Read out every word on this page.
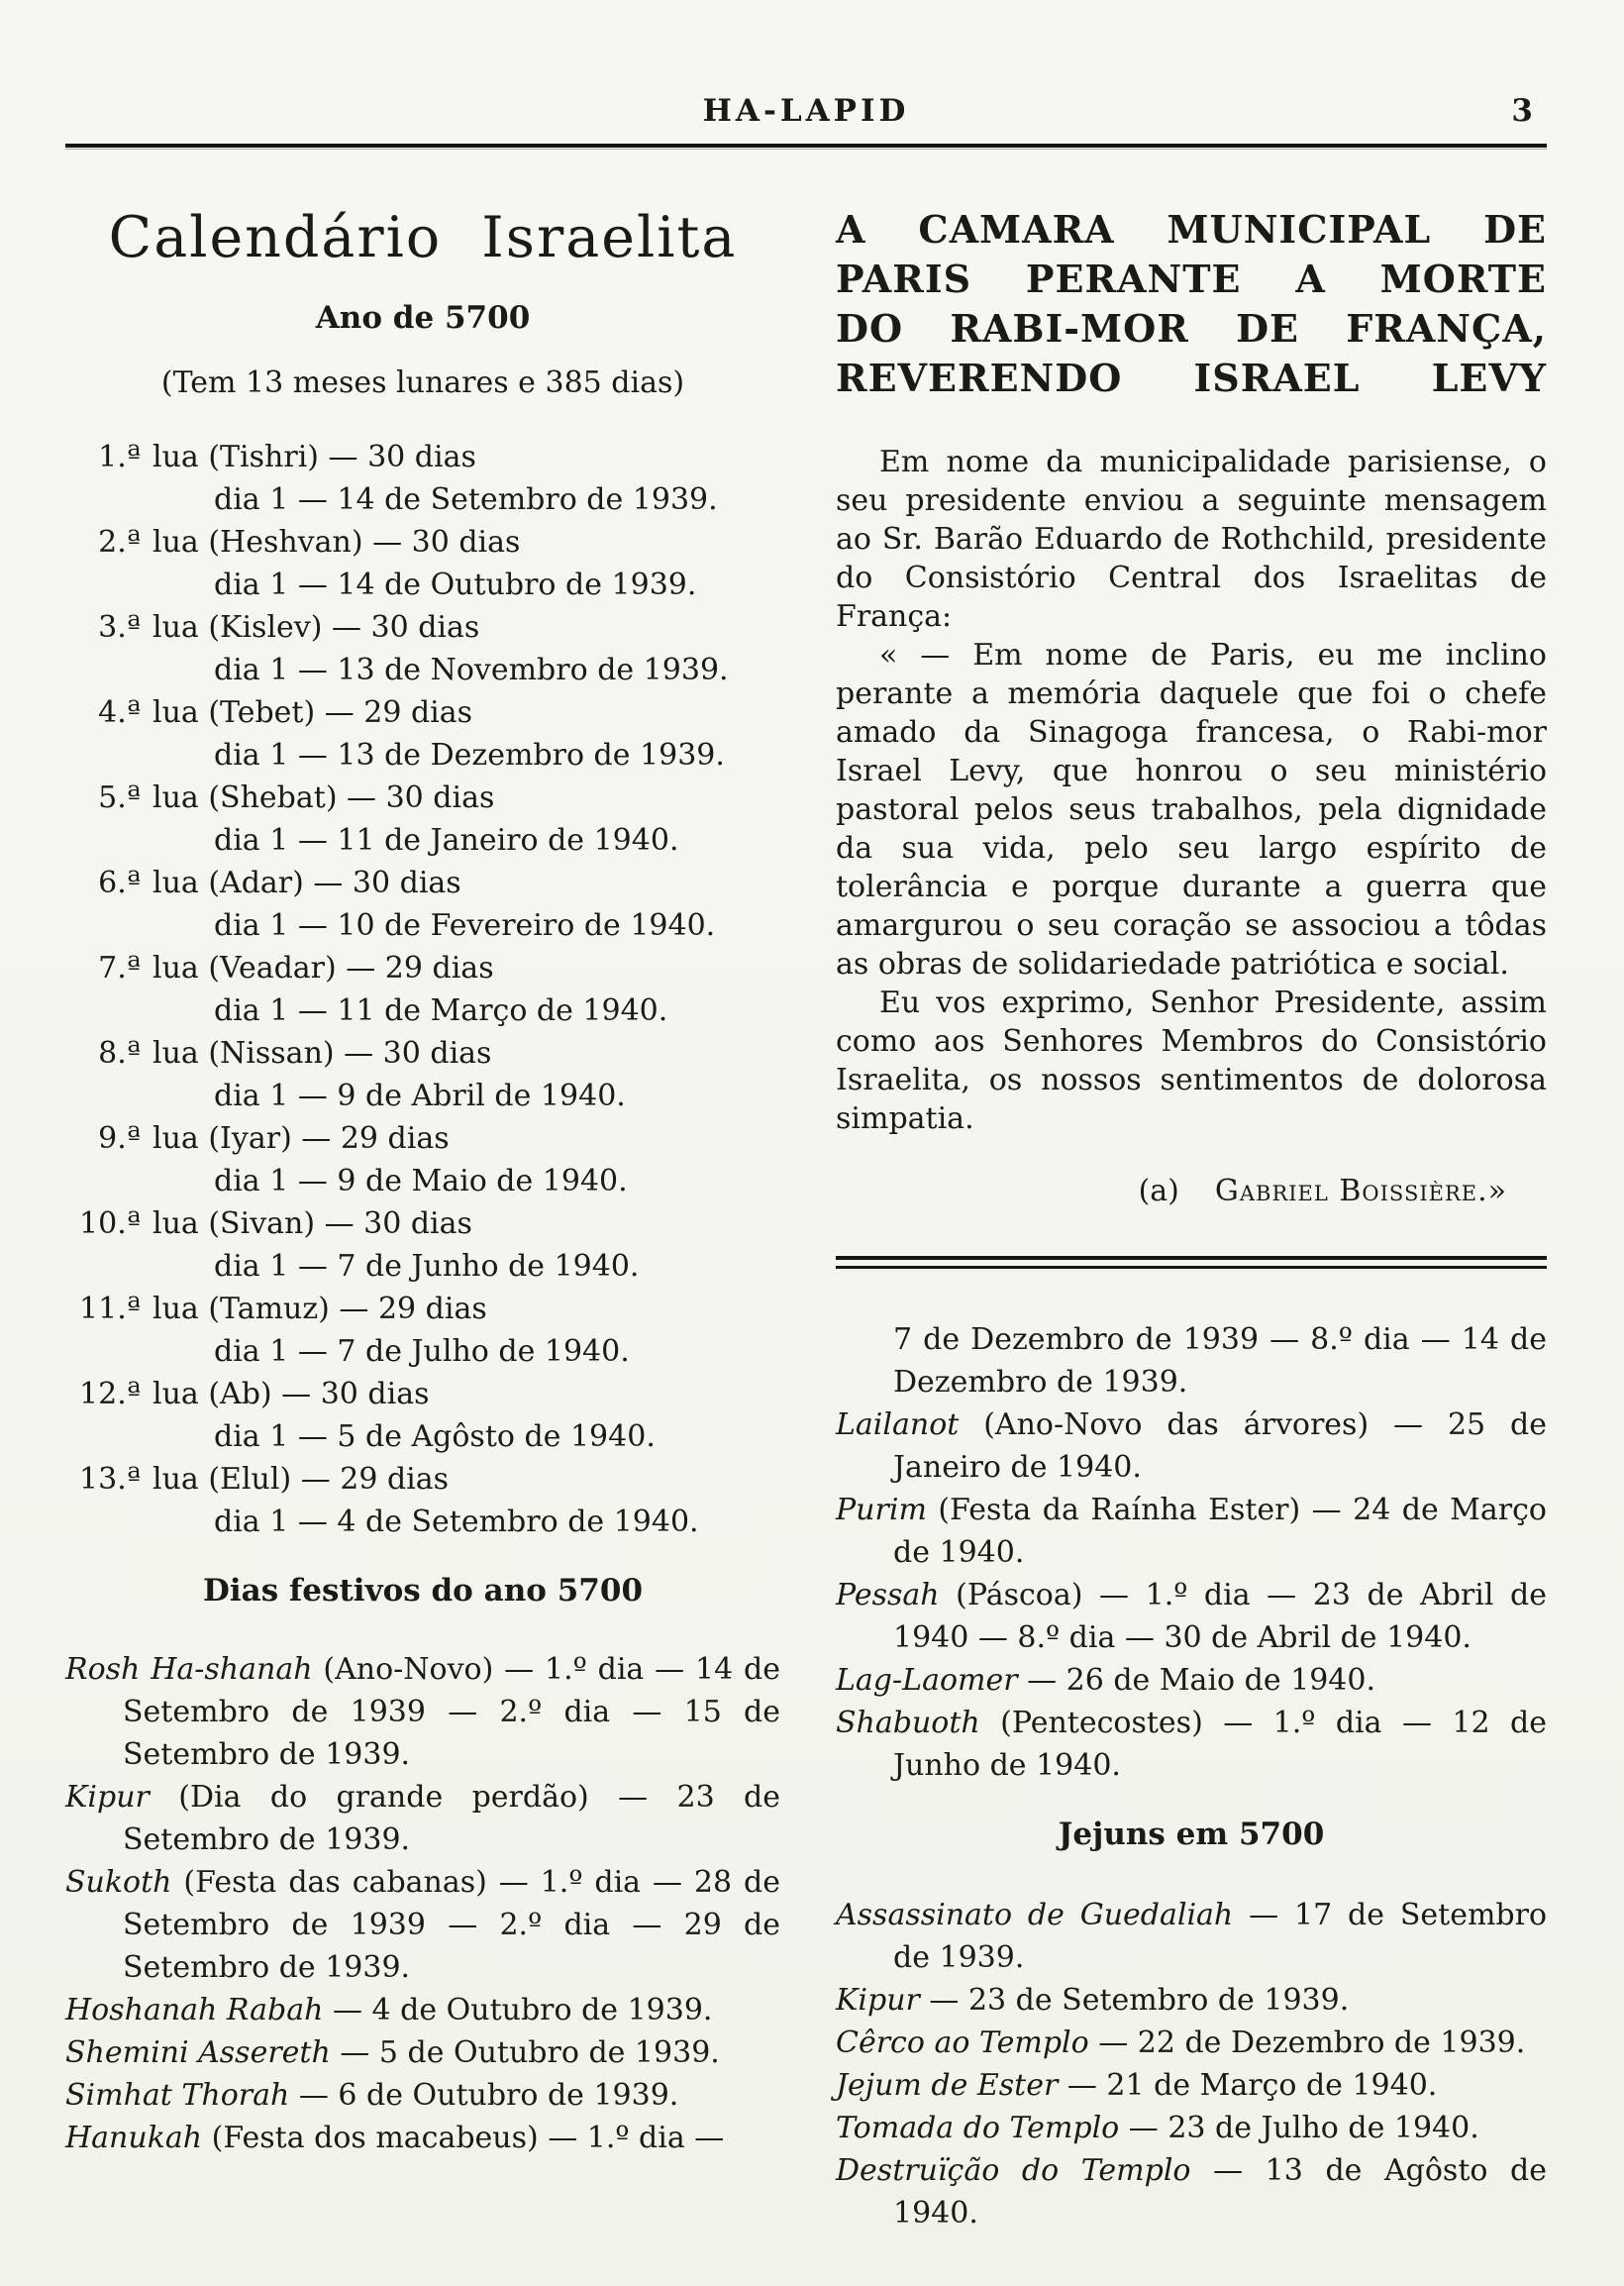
HA-LAPID	3
Calendário Israelita
Ano de 5700
(Tem 13 meses lunares e 385 dias)
1.ª lua (Tishri) — 30 dias
dia 1 — 14 de Setembro de 1939.
2.ª lua (Heshvan) — 30 dias
dia 1 — 14 de Outubro de 1939.
3.ª lua (Kislev) — 30 dias
dia 1 — 13 de Novembro de 1939.
4.ª lua (Tebet) — 29 dias
dia 1 — 13 de Dezembro de 1939.
5.ª lua (Shebat) — 30 dias
dia 1 — 11 de Janeiro de 1940.
6.ª lua (Adar) — 30 dias
dia 1 — 10 de Fevereiro de 1940.
7.ª lua (Veadar) — 29 dias
dia 1 — 11 de Março de 1940.
8.ª lua (Nissan) — 30 dias
dia 1 — 9 de Abril de 1940.
9.ª lua (Iyar) — 29 dias
dia 1 — 9 de Maio de 1940.
10.ª lua (Sivan) — 30 dias
dia 1 — 7 de Junho de 1940.
11.ª lua (Tamuz) — 29 dias
dia 1 — 7 de Julho de 1940.
12.ª lua (Ab) — 30 dias
dia 1 — 5 de Agôsto de 1940.
13.ª lua (Elul) — 29 dias
dia 1 — 4 de Setembro de 1940.
Dias festivos do ano 5700
Rosh Ha-shanah (Ano-Novo) — 1.º dia — 14 de Setembro de 1939 — 2.º dia — 15 de Setembro de 1939.
Kipur (Dia do grande perdão) — 23 de Setembro de 1939.
Sukoth (Festa das cabanas) — 1.º dia — 28 de Setembro de 1939 — 2.º dia — 29 de Setembro de 1939.
Hoshanah Rabah — 4 de Outubro de 1939.
Shemini Assereth — 5 de Outubro de 1939.
Simhat Thorah — 6 de Outubro de 1939.
Hanukah (Festa dos macabeus) — 1.º dia —
A CAMARA MUNICIPAL DE
PARIS PERANTE A MORTE
DO RABI-MOR DE FRANÇA,
REVERENDO ISRAEL LEVY

Em nome da municipalidade parisiense, o seu presidente enviou a seguinte mensagem ao Sr. Barão Eduardo de Rothchild, presidente do Consistório Central dos Israelitas de França:

« — Em nome de Paris, eu me inclino perante a memória daquele que foi o chefe amado da Sinagoga francesa, o Rabi-mor Israel Levy, que honrou o seu ministério pastoral pelos seus trabalhos, pela dignidade da sua vida, pelo seu largo espírito de tolerância e porque durante a guerra que amargurou o seu coração se associou a tôdas as obras de solidariedade patriótica e social.

Eu vos exprimo, Senhor Presidente, assim como aos Senhores Membros do Consistório Israelita, os nossos sentimentos de dolorosa simpatia.

(a) Gabriel Boissière.»
7 de Dezembro de 1939 — 8.º dia — 14 de Dezembro de 1939.
Lailanot (Ano-Novo das árvores) — 25 de Janeiro de 1940.
Purim (Festa da Raínha Ester) — 24 de Março de 1940.
Pessah (Páscoa) — 1.º dia — 23 de Abril de 1940 — 8.º dia — 30 de Abril de 1940.
Lag-Laomer — 26 de Maio de 1940.
Shabuoth (Pentecostes) — 1.º dia — 12 de Junho de 1940.
Jejuns em 5700
Assassinato de Guedaliah — 17 de Setembro de 1939.
Kipur — 23 de Setembro de 1939.
Cêrco ao Templo — 22 de Dezembro de 1939.
Jejum de Ester — 21 de Março de 1940.
Tomada do Templo — 23 de Julho de 1940.
Destruïção do Templo — 13 de Agôsto de 1940.
